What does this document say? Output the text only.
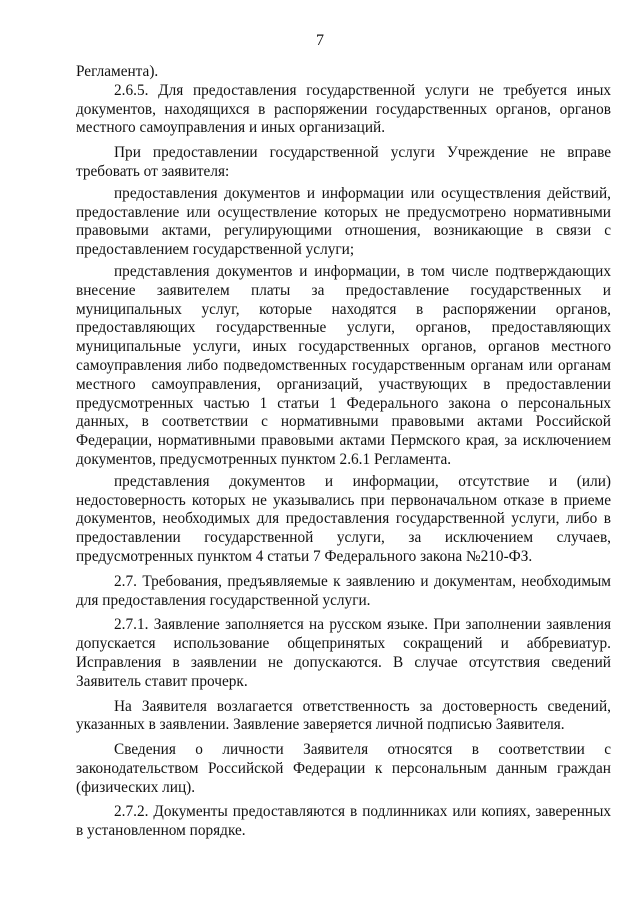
7

Регламента).

2.6.5. Для предоставления государственной услуги не требуется иных документов, находящихся в распоряжении государственных органов, органов местного самоуправления и иных организаций.

При предоставлении государственной услуги Учреждение не вправе требовать от заявителя:

предоставления документов и информации или осуществления действий, предоставление или осуществление которых не предусмотрено нормативными правовыми актами, регулирующими отношения, возникающие в связи с предоставлением государственной услуги;

представления документов и информации, в том числе подтверждающих внесение заявителем платы за предоставление государственных и муниципальных услуг, которые находятся в распоряжении органов, предоставляющих государственные услуги, органов, предоставляющих муниципальные услуги, иных государственных органов, органов местного самоуправления либо подведомственных государственным органам или органам местного самоуправления, организаций, участвующих в предоставлении предусмотренных частью 1 статьи 1 Федерального закона о персональных данных, в соответствии с нормативными правовыми актами Российской Федерации, нормативными правовыми актами Пермского края, за исключением документов, предусмотренных пунктом 2.6.1 Регламента.

представления документов и информации, отсутствие и (или) недостоверность которых не указывались при первоначальном отказе в приеме документов, необходимых для предоставления государственной услуги, либо в предоставлении государственной услуги, за исключением случаев, предусмотренных пунктом 4 статьи 7 Федерального закона №210-ФЗ.

2.7. Требования, предъявляемые к заявлению и документам, необходимым для предоставления государственной услуги.

2.7.1. Заявление заполняется на русском языке. При заполнении заявления допускается использование общепринятых сокращений и аббревиатур. Исправления в заявлении не допускаются. В случае отсутствия сведений Заявитель ставит прочерк.

На Заявителя возлагается ответственность за достоверность сведений, указанных в заявлении. Заявление заверяется личной подписью Заявителя.

Сведения о личности Заявителя относятся в соответствии с законодательством Российской Федерации к персональным данным граждан (физических лиц).

2.7.2. Документы предоставляются в подлинниках или копиях, заверенных в установленном порядке.
